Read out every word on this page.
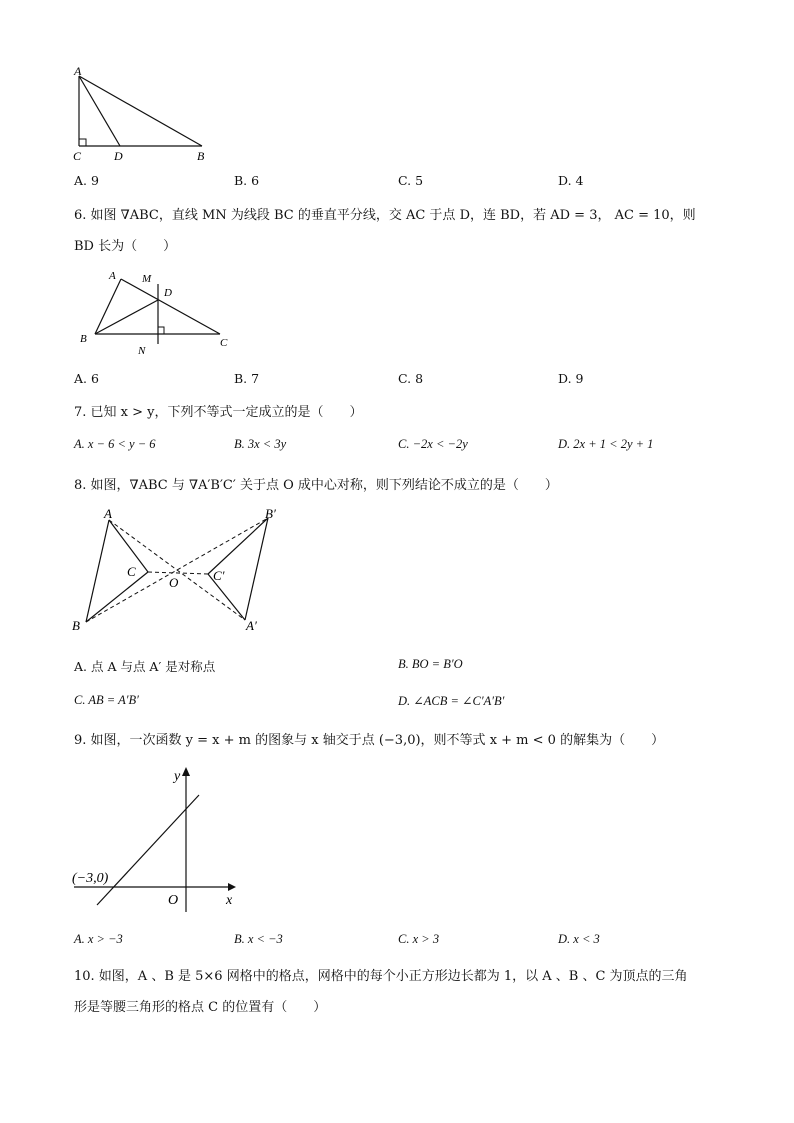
A
C	D	B
A. 9	B. 6	C. 5	D. 4
6. 如图 ∇ABC，直线 MN 为线段 BC 的垂直平分线，交 AC 于点 D，连 BD，若 AD = 3， AC = 10，则
BD 长为（　　）
A M
D
B
N
C
A. 6	B. 7	C. 8	D. 9
7. 已知 x > y，下列不等式一定成立的是（　　）
A. x − 6 < y − 6	B. 3x < 3y	C. −2x < −2y	D. 2x + 1 < 2y + 1
8. 如图，∇ABC 与 ∇A′B′C′ 关于点 O 成中心对称，则下列结论不成立的是（　　）
A	B′
C
O	C′
B	A′
A. 点 A 与点 A′ 是对称点	B. BO = B′O
C. AB = A′B′	D. ∠ACB = ∠C′A′B′
9. 如图，一次函数 y = x + m 的图象与 x 轴交于点 (−3,0)，则不等式 x + m < 0 的解集为（　　）
y
(−3,0)
O	x
A. x > −3	B. x < −3	C. x > 3	D. x < 3
10. 如图，A 、B 是 5×6 网格中的格点，网格中的每个小正方形边长都为 1，以 A 、B 、C 为顶点的三角
形是等腰三角形的格点 C 的位置有（　　）
